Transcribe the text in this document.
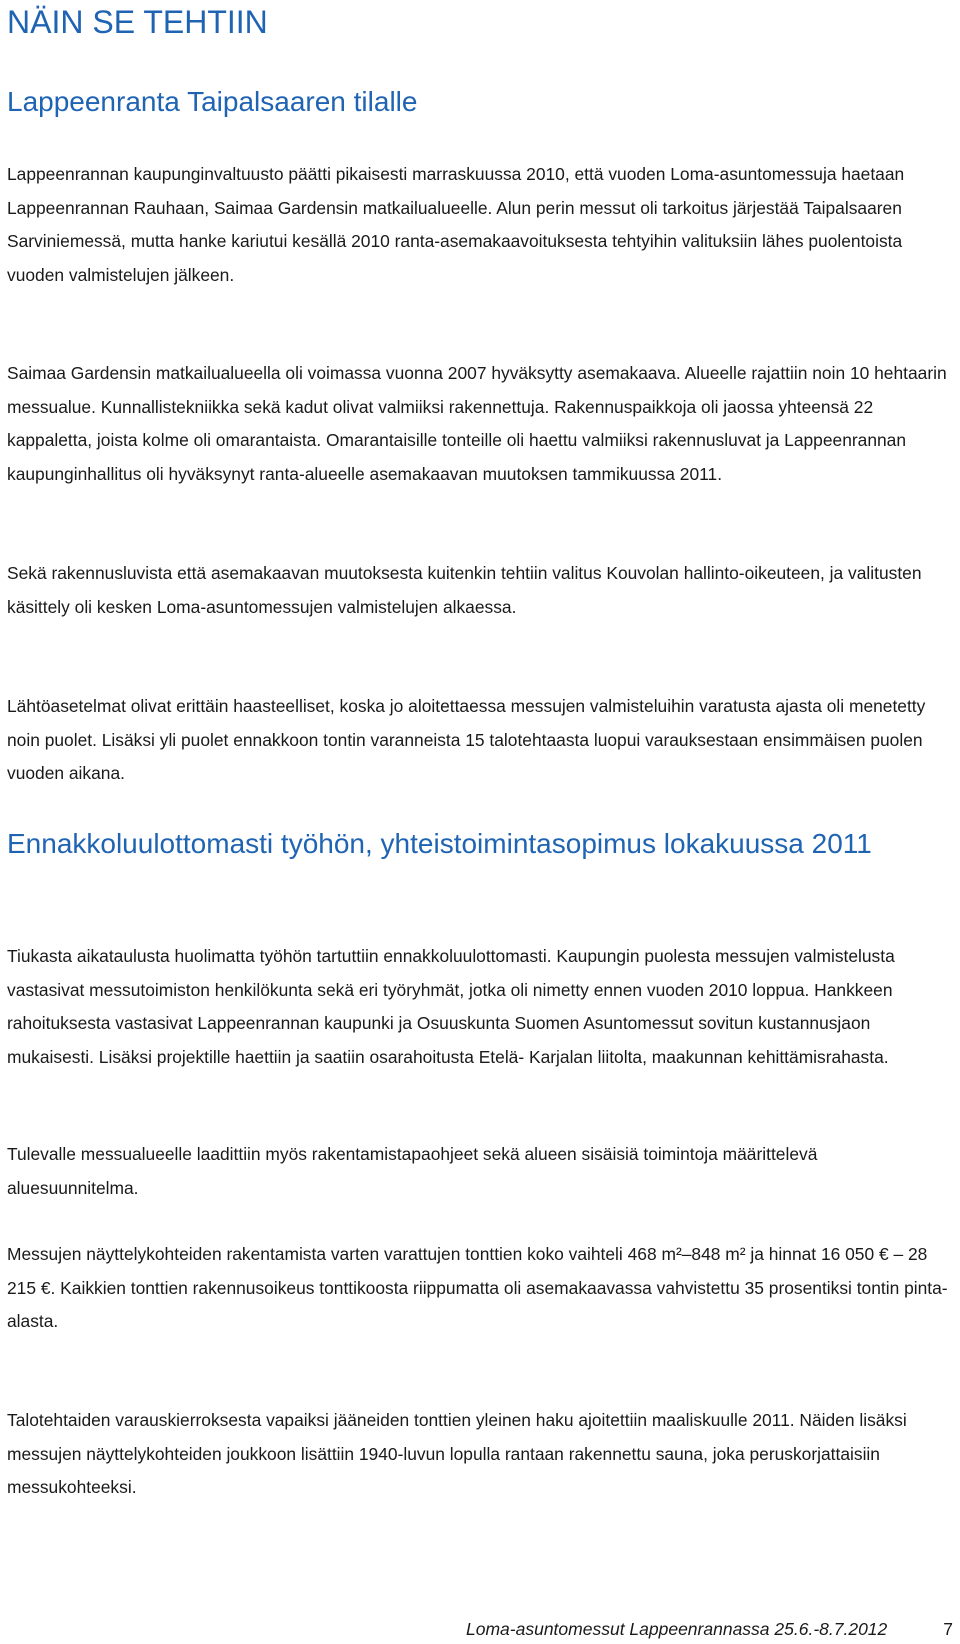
NÄIN SE TEHTIIN
Lappeenranta Taipalsaaren tilalle

Lappeenrannan kaupunginvaltuusto päätti pikaisesti marraskuussa 2010, että vuoden Loma-asuntomessuja haetaan Lappeenrannan Rauhaan, Saimaa Gardensin matkailualueelle. Alun perin messut oli tarkoitus järjestää Taipalsaaren Sarviniemessä, mutta hanke kariutui kesällä 2010 ranta-asemakaavoituksesta tehtyihin valituksiin lähes puolentoista vuoden valmistelujen jälkeen.

Saimaa Gardensin matkailualueella oli voimassa vuonna 2007 hyväksytty asemakaava. Alueelle rajattiin noin 10 hehtaarin messualue. Kunnallistekniikka sekä kadut olivat valmiiksi rakennettuja. Rakennuspaikkoja oli jaossa yhteensä 22 kappaletta, joista kolme oli omarantaista. Omarantaisille tonteille oli haettu valmiiksi rakennusluvat ja Lappeenrannan kaupunginhallitus oli hyväksynyt ranta-alueelle asemakaavan muutoksen tammikuussa 2011.

Sekä rakennusluvista että asemakaavan muutoksesta kuitenkin tehtiin valitus Kouvolan hallinto-oikeuteen, ja valitusten käsittely oli kesken Loma-asuntomessujen valmistelujen alkaessa.

Lähtöasetelmat olivat erittäin haasteelliset, koska jo aloitettaessa messujen valmisteluihin varatusta ajasta oli menetetty noin puolet. Lisäksi yli puolet ennakkoon tontin varanneista 15 talotehtaasta luopui varauksestaan ensimmäisen puolen vuoden aikana.

Ennakkoluulottomasti työhön, yhteistoimintasopimus lokakuussa 2011

Tiukasta aikataulusta huolimatta työhön tartuttiin ennakkoluulottomasti. Kaupungin puolesta messujen valmistelusta vastasivat messutoimiston henkilökunta sekä eri työryhmät, jotka oli nimetty ennen vuoden 2010 loppua. Hankkeen rahoituksesta vastasivat Lappeenrannan kaupunki ja Osuuskunta Suomen Asuntomessut sovitun kustannusjaon mukaisesti. Lisäksi projektille haettiin ja saatiin osarahoitusta Etelä- Karjalan liitolta, maakunnan kehittämisrahasta.

Tulevalle messualueelle laadittiin myös rakentamistapaohjeet sekä alueen sisäisiä toimintoja määrittelevä aluesuunnitelma.

Messujen näyttelykohteiden rakentamista varten varattujen tonttien koko vaihteli 468 m²–848 m² ja hinnat 16 050 € – 28 215 €. Kaikkien tonttien rakennusoikeus tonttikoosta riippumatta oli asemakaavassa vahvistettu 35 prosentiksi tontin pinta-alasta.

Talotehtaiden varauskierroksesta vapaiksi jääneiden tonttien yleinen haku ajoitettiin maaliskuulle 2011. Näiden lisäksi messujen näyttelykohteiden joukkoon lisättiin 1940-luvun lopulla rantaan rakennettu sauna, joka peruskorjattaisiin messukohteeksi.

Loma-asuntomessut Lappeenrannassa 25.6.-8.7.2012	7
